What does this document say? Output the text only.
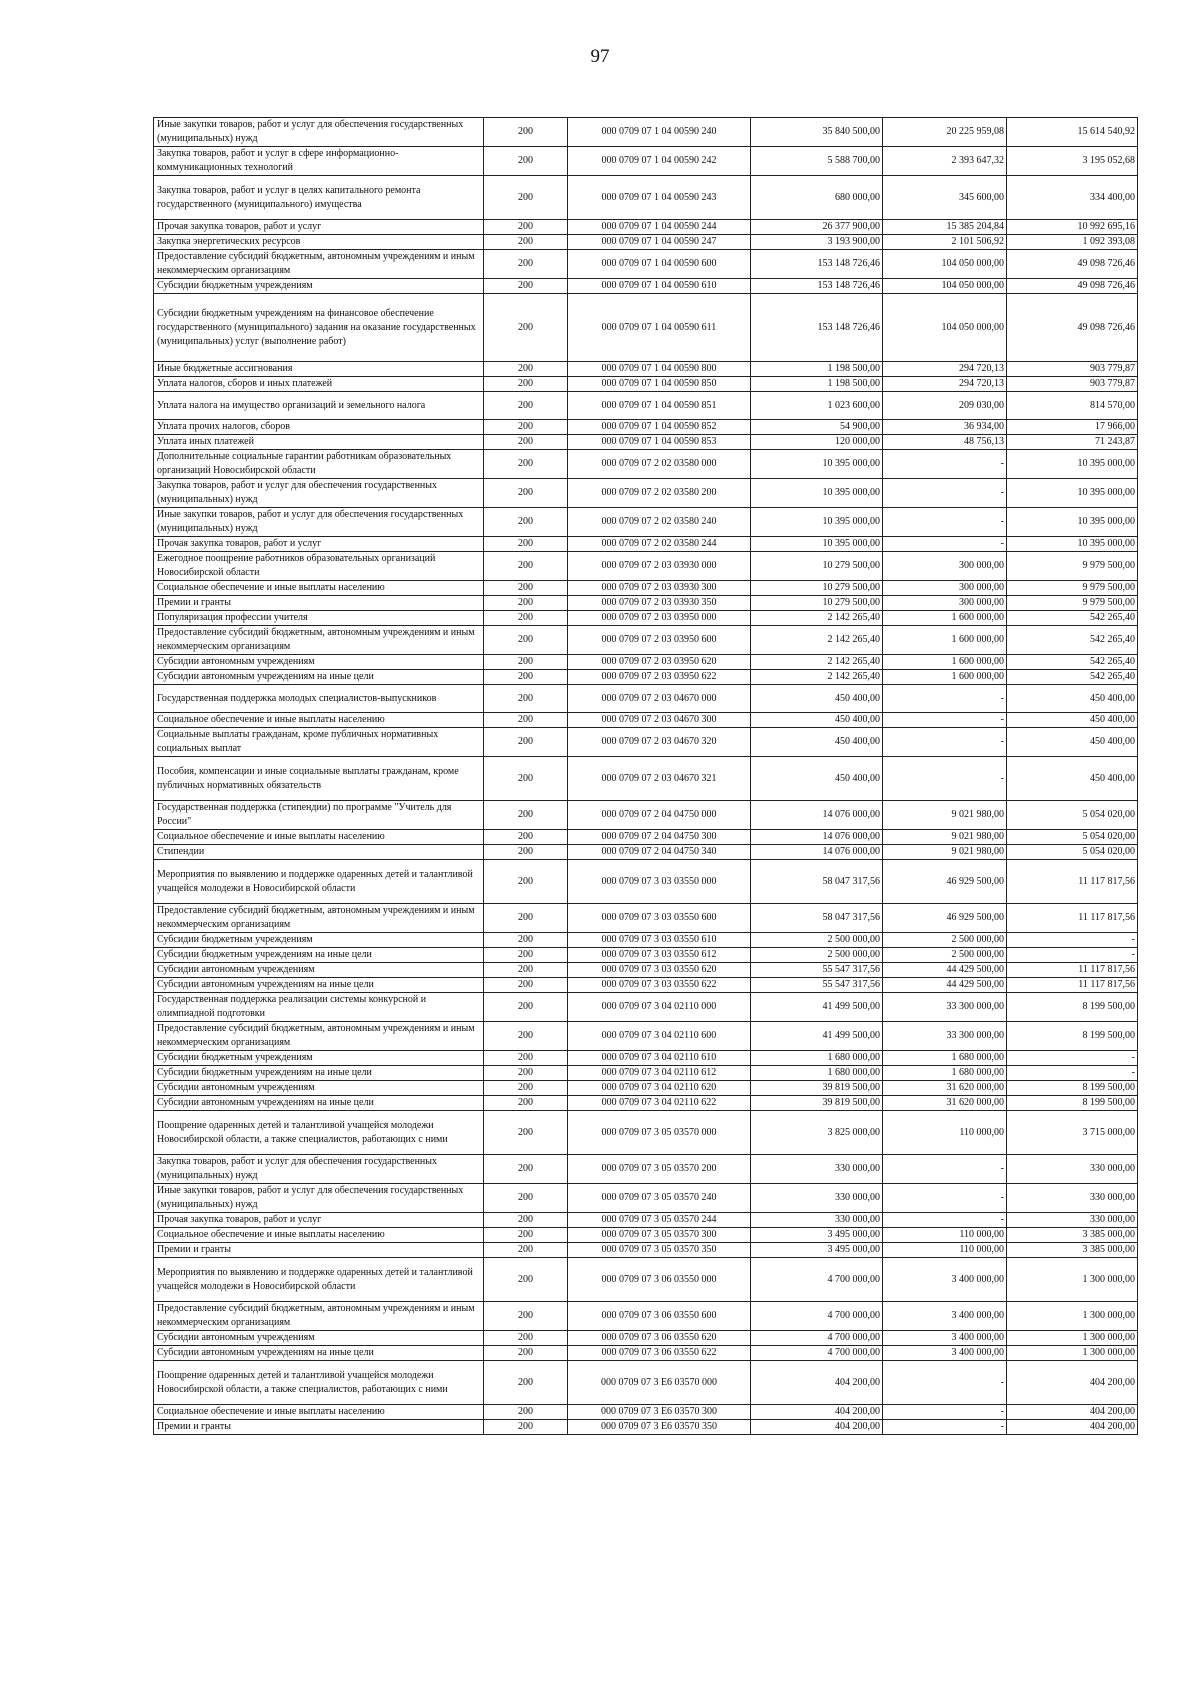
97
Иные закупки товаров, работ и услуг для обеспечения государственных (муниципальных) нужд	200	000 0709 07 1 04 00590 240	35 840 500,00	20 225 959,08	15 614 540,92
Закупка товаров, работ и услуг в сфере информационно-коммуникационных технологий	200	000 0709 07 1 04 00590 242	5 588 700,00	2 393 647,32	3 195 052,68
Закупка товаров, работ и услуг в целях капитального ремонта государственного (муниципального) имущества	200	000 0709 07 1 04 00590 243	680 000,00	345 600,00	334 400,00
Прочая закупка товаров, работ и услуг	200	000 0709 07 1 04 00590 244	26 377 900,00	15 385 204,84	10 992 695,16
Закупка энергетических ресурсов	200	000 0709 07 1 04 00590 247	3 193 900,00	2 101 506,92	1 092 393,08
Предоставление субсидий бюджетным, автономным учреждениям и иным некоммерческим организациям	200	000 0709 07 1 04 00590 600	153 148 726,46	104 050 000,00	49 098 726,46
Субсидии бюджетным учреждениям	200	000 0709 07 1 04 00590 610	153 148 726,46	104 050 000,00	49 098 726,46
Субсидии бюджетным учреждениям на финансовое обеспечение государственного (муниципального) задания на оказание государственных (муниципальных) услуг (выполнение работ)	200	000 0709 07 1 04 00590 611	153 148 726,46	104 050 000,00	49 098 726,46
Иные бюджетные ассигнования	200	000 0709 07 1 04 00590 800	1 198 500,00	294 720,13	903 779,87
Уплата налогов, сборов и иных платежей	200	000 0709 07 1 04 00590 850	1 198 500,00	294 720,13	903 779,87
Уплата налога на имущество организаций и земельного налога	200	000 0709 07 1 04 00590 851	1 023 600,00	209 030,00	814 570,00
Уплата прочих налогов, сборов	200	000 0709 07 1 04 00590 852	54 900,00	36 934,00	17 966,00
Уплата иных платежей	200	000 0709 07 1 04 00590 853	120 000,00	48 756,13	71 243,87
Дополнительные социальные гарантии работникам образовательных организаций Новосибирской области	200	000 0709 07 2 02 03580 000	10 395 000,00	-	10 395 000,00
Закупка товаров, работ и услуг для обеспечения государственных (муниципальных) нужд	200	000 0709 07 2 02 03580 200	10 395 000,00	-	10 395 000,00
Иные закупки товаров, работ и услуг для обеспечения государственных (муниципальных) нужд	200	000 0709 07 2 02 03580 240	10 395 000,00	-	10 395 000,00
Прочая закупка товаров, работ и услуг	200	000 0709 07 2 02 03580 244	10 395 000,00	-	10 395 000,00
Ежегодное поощрение работников образовательных организаций Новосибирской области	200	000 0709 07 2 03 03930 000	10 279 500,00	300 000,00	9 979 500,00
Социальное обеспечение и иные выплаты населению	200	000 0709 07 2 03 03930 300	10 279 500,00	300 000,00	9 979 500,00
Премии и гранты	200	000 0709 07 2 03 03930 350	10 279 500,00	300 000,00	9 979 500,00
Популяризация профессии учителя	200	000 0709 07 2 03 03950 000	2 142 265,40	1 600 000,00	542 265,40
Предоставление субсидий бюджетным, автономным учреждениям и иным некоммерческим организациям	200	000 0709 07 2 03 03950 600	2 142 265,40	1 600 000,00	542 265,40
Субсидии автономным учреждениям	200	000 0709 07 2 03 03950 620	2 142 265,40	1 600 000,00	542 265,40
Субсидии автономным учреждениям на иные цели	200	000 0709 07 2 03 03950 622	2 142 265,40	1 600 000,00	542 265,40
Государственная поддержка молодых специалистов-выпускников	200	000 0709 07 2 03 04670 000	450 400,00	-	450 400,00
Социальное обеспечение и иные выплаты населению	200	000 0709 07 2 03 04670 300	450 400,00	-	450 400,00
Социальные выплаты гражданам, кроме публичных нормативных социальных выплат	200	000 0709 07 2 03 04670 320	450 400,00	-	450 400,00
Пособия, компенсации и иные социальные выплаты гражданам, кроме публичных нормативных обязательств	200	000 0709 07 2 03 04670 321	450 400,00	-	450 400,00
Государственная поддержка (стипендии) по программе "Учитель для России"	200	000 0709 07 2 04 04750 000	14 076 000,00	9 021 980,00	5 054 020,00
Социальное обеспечение и иные выплаты населению	200	000 0709 07 2 04 04750 300	14 076 000,00	9 021 980,00	5 054 020,00
Стипендии	200	000 0709 07 2 04 04750 340	14 076 000,00	9 021 980,00	5 054 020,00
Мероприятия по выявлению и поддержке одаренных детей и талантливой учащейся молодежи в Новосибирской области	200	000 0709 07 3 03 03550 000	58 047 317,56	46 929 500,00	11 117 817,56
Предоставление субсидий бюджетным, автономным учреждениям и иным некоммерческим организациям	200	000 0709 07 3 03 03550 600	58 047 317,56	46 929 500,00	11 117 817,56
Субсидии бюджетным учреждениям	200	000 0709 07 3 03 03550 610	2 500 000,00	2 500 000,00	-
Субсидии бюджетным учреждениям на иные цели	200	000 0709 07 3 03 03550 612	2 500 000,00	2 500 000,00	-
Субсидии автономным учреждениям	200	000 0709 07 3 03 03550 620	55 547 317,56	44 429 500,00	11 117 817,56
Субсидии автономным учреждениям на иные цели	200	000 0709 07 3 03 03550 622	55 547 317,56	44 429 500,00	11 117 817,56
Государственная поддержка реализации системы конкурсной и олимпиадной подготовки	200	000 0709 07 3 04 02110 000	41 499 500,00	33 300 000,00	8 199 500,00
Предоставление субсидий бюджетным, автономным учреждениям и иным некоммерческим организациям	200	000 0709 07 3 04 02110 600	41 499 500,00	33 300 000,00	8 199 500,00
Субсидии бюджетным учреждениям	200	000 0709 07 3 04 02110 610	1 680 000,00	1 680 000,00	-
Субсидии бюджетным учреждениям на иные цели	200	000 0709 07 3 04 02110 612	1 680 000,00	1 680 000,00	-
Субсидии автономным учреждениям	200	000 0709 07 3 04 02110 620	39 819 500,00	31 620 000,00	8 199 500,00
Субсидии автономным учреждениям на иные цели	200	000 0709 07 3 04 02110 622	39 819 500,00	31 620 000,00	8 199 500,00
Поощрение одаренных детей и талантливой учащейся молодежи Новосибирской области, а также специалистов, работающих с ними	200	000 0709 07 3 05 03570 000	3 825 000,00	110 000,00	3 715 000,00
Закупка товаров, работ и услуг для обеспечения государственных (муниципальных) нужд	200	000 0709 07 3 05 03570 200	330 000,00	-	330 000,00
Иные закупки товаров, работ и услуг для обеспечения государственных (муниципальных) нужд	200	000 0709 07 3 05 03570 240	330 000,00	-	330 000,00
Прочая закупка товаров, работ и услуг	200	000 0709 07 3 05 03570 244	330 000,00	-	330 000,00
Социальное обеспечение и иные выплаты населению	200	000 0709 07 3 05 03570 300	3 495 000,00	110 000,00	3 385 000,00
Премии и гранты	200	000 0709 07 3 05 03570 350	3 495 000,00	110 000,00	3 385 000,00
Мероприятия по выявлению и поддержке одаренных детей и талантливой учащейся молодежи в Новосибирской области	200	000 0709 07 3 06 03550 000	4 700 000,00	3 400 000,00	1 300 000,00
Предоставление субсидий бюджетным, автономным учреждениям и иным некоммерческим организациям	200	000 0709 07 3 06 03550 600	4 700 000,00	3 400 000,00	1 300 000,00
Субсидии автономным учреждениям	200	000 0709 07 3 06 03550 620	4 700 000,00	3 400 000,00	1 300 000,00
Субсидии автономным учреждениям на иные цели	200	000 0709 07 3 06 03550 622	4 700 000,00	3 400 000,00	1 300 000,00
Поощрение одаренных детей и талантливой учащейся молодежи Новосибирской области, а также специалистов, работающих с ними	200	000 0709 07 3 E6 03570 000	404 200,00	-	404 200,00
Социальное обеспечение и иные выплаты населению	200	000 0709 07 3 E6 03570 300	404 200,00	-	404 200,00
Премии и гранты	200	000 0709 07 3 E6 03570 350	404 200,00	-	404 200,00
